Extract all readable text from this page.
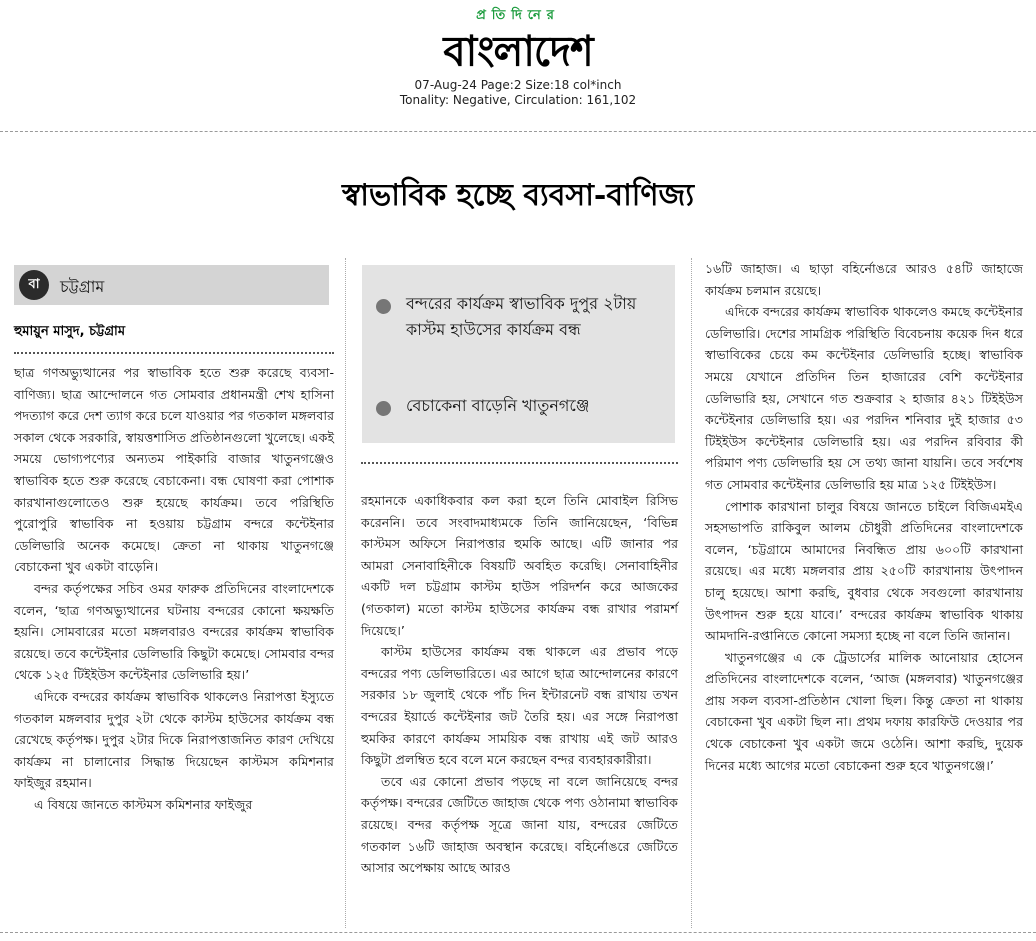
প্রতিদিনের
বাংলাদেশ
07-Aug-24 Page:2 Size:18 col*inch
Tonality: Negative, Circulation: 161,102
স্বাভাবিক হচ্ছে ব্যবসা-বাণিজ্য
বা	চট্টগ্রাম
হুমায়ুন মাসুদ, চট্টগ্রাম

ছাত্র গণঅভ্যুত্থানের পর স্বাভাবিক হতে শুরু করেছে ব্যবসা-বাণিজ্য। ছাত্র আন্দোলনে গত সোমবার প্রধানমন্ত্রী শেখ হাসিনা পদত্যাগ করে দেশ ত্যাগ করে চলে যাওয়ার পর গতকাল মঙ্গলবার সকাল থেকে সরকারি, স্বায়ত্তশাসিত প্রতিষ্ঠানগুলো খুলেছে। একই সময়ে ভোগ্যপণ্যের অন্যতম পাইকারি বাজার খাতুনগঞ্জেও স্বাভাবিক হতে শুরু করেছে বেচাকেনা। বন্ধ ঘোষণা করা পোশাক কারখানাগুলোতেও শুরু হয়েছে কার্যক্রম। তবে পরিস্থিতি পুরোপুরি স্বাভাবিক না হওয়ায় চট্টগ্রাম বন্দরে কন্টেইনার ডেলিভারি অনেক কমেছে। ক্রেতা না থাকায় খাতুনগঞ্জে বেচাকেনা খুব একটা বাড়েনি।

বন্দর কর্তৃপক্ষের সচিব ওমর ফারুক প্রতিদিনের বাংলাদেশকে বলেন, ‘ছাত্র গণঅভ্যুত্থানের ঘটনায় বন্দরের কোনো ক্ষয়ক্ষতি হয়নি। সোমবারের মতো মঙ্গলবারও বন্দরের কার্যক্রম স্বাভাবিক রয়েছে। তবে কন্টেইনার ডেলিভারি কিছুটা কমেছে। সোমবার বন্দর থেকে ১২৫ টিইইউস কন্টেইনার ডেলিভারি হয়।’

এদিকে বন্দরের কার্যক্রম স্বাভাবিক থাকলেও নিরাপত্তা ইস্যুতে গতকাল মঙ্গলবার দুপুর ২টা থেকে কাস্টম হাউসের কার্যক্রম বন্ধ রেখেছে কর্তৃপক্ষ। দুপুর ২টার দিকে নিরাপত্তাজনিত কারণ দেখিয়ে কার্যক্রম না চালানোর সিদ্ধান্ত দিয়েছেন কাস্টমস কমিশনার ফাইজুর রহমান।

এ বিষয়ে জানতে কাস্টমস কমিশনার ফাইজুর

বন্দরের কার্যক্রম স্বাভাবিক দুপুর ২টায় কাস্টম হাউসের কার্যক্রম বন্ধ
বেচাকেনা বাড়েনি খাতুনগঞ্জে

রহমানকে একাধিকবার কল করা হলে তিনি মোবাইল রিসিভ করেননি। তবে সংবাদমাধ্যমকে তিনি জানিয়েছেন, ‘বিভিন্ন কাস্টমস অফিসে নিরাপত্তার হুমকি আছে। এটি জানার পর আমরা সেনাবাহিনীকে বিষয়টি অবহিত করেছি। সেনাবাহিনীর একটি দল চট্টগ্রাম কাস্টম হাউস পরিদর্শন করে আজকের (গতকাল) মতো কাস্টম হাউসের কার্যক্রম বন্ধ রাখার পরামর্শ দিয়েছে।’

কাস্টম হাউসের কার্যক্রম বন্ধ থাকলে এর প্রভাব পড়ে বন্দরের পণ্য ডেলিভারিতে। এর আগে ছাত্র আন্দোলনের কারণে সরকার ১৮ জুলাই থেকে পাঁচ দিন ইন্টারনেট বন্ধ রাখায় তখন বন্দরের ইয়ার্ডে কন্টেইনার জট তৈরি হয়। এর সঙ্গে নিরাপত্তা হুমকির কারণে কার্যক্রম সাময়িক বন্ধ রাখায় এই জট আরও কিছুটা প্রলম্বিত হবে বলে মনে করছেন বন্দর ব্যবহারকারীরা।

তবে এর কোনো প্রভাব পড়ছে না বলে জানিয়েছে বন্দর কর্তৃপক্ষ। বন্দরের জেটিতে জাহাজ থেকে পণ্য ওঠানামা স্বাভাবিক রয়েছে। বন্দর কর্তৃপক্ষ সূত্রে জানা যায়, বন্দরের জেটিতে গতকাল ১৬টি জাহাজ অবস্থান করেছে। বহির্নোঙরে জেটিতে আসার অপেক্ষায় আছে আরও

১৬টি জাহাজ। এ ছাড়া বহির্নোঙরে আরও ৫৪টি জাহাজে কার্যক্রম চলমান রয়েছে।

এদিকে বন্দরের কার্যক্রম স্বাভাবিক থাকলেও কমছে কন্টেইনার ডেলিভারি। দেশের সামগ্রিক পরিস্থিতি বিবেচনায় কয়েক দিন ধরে স্বাভাবিকের চেয়ে কম কন্টেইনার ডেলিভারি হচ্ছে। স্বাভাবিক সময়ে যেখানে প্রতিদিন তিন হাজারের বেশি কন্টেইনার ডেলিভারি হয়, সেখানে গত শুক্রবার ২ হাজার ৪২১ টিইইউস কন্টেইনার ডেলিভারি হয়। এর পরদিন শনিবার দুই হাজার ৫৩ টিইইউস কন্টেইনার ডেলিভারি হয়। এর পরদিন রবিবার কী পরিমাণ পণ্য ডেলিভারি হয় সে তথ্য জানা যায়নি। তবে সর্বশেষ গত সোমবার কন্টেইনার ডেলিভারি হয় মাত্র ১২৫ টিইইউস।

পোশাক কারখানা চালুর বিষয়ে জানতে চাইলে বিজিএমইএ সহসভাপতি রাকিবুল আলম চৌধুরী প্রতিদিনের বাংলাদেশকে বলেন, ‘চট্টগ্রামে আমাদের নিবন্ধিত প্রায় ৬০০টি কারখানা রয়েছে। এর মধ্যে মঙ্গলবার প্রায় ২৫০টি কারখানায় উৎপাদন চালু হয়েছে। আশা করছি, বুধবার থেকে সবগুলো কারখানায় উৎপাদন শুরু হয়ে যাবে।’ বন্দরের কার্যক্রম স্বাভাবিক থাকায় আমদানি-রপ্তানিতে কোনো সমস্যা হচ্ছে না বলে তিনি জানান।

খাতুনগঞ্জের এ কে ট্রেডার্সের মালিক আনোয়ার হোসেন প্রতিদিনের বাংলাদেশকে বলেন, ‘আজ (মঙ্গলবার) খাতুনগঞ্জের প্রায় সকল ব্যবসা-প্রতিষ্ঠান খোলা ছিল। কিন্তু ক্রেতা না থাকায় বেচাকেনা খুব একটা ছিল না। প্রথম দফায় কারফিউ দেওয়ার পর থেকে বেচাকেনা খুব একটা জমে ওঠেনি। আশা করছি, দুয়েক দিনের মধ্যে আগের মতো বেচাকেনা শুরু হবে খাতুনগঞ্জে।’
